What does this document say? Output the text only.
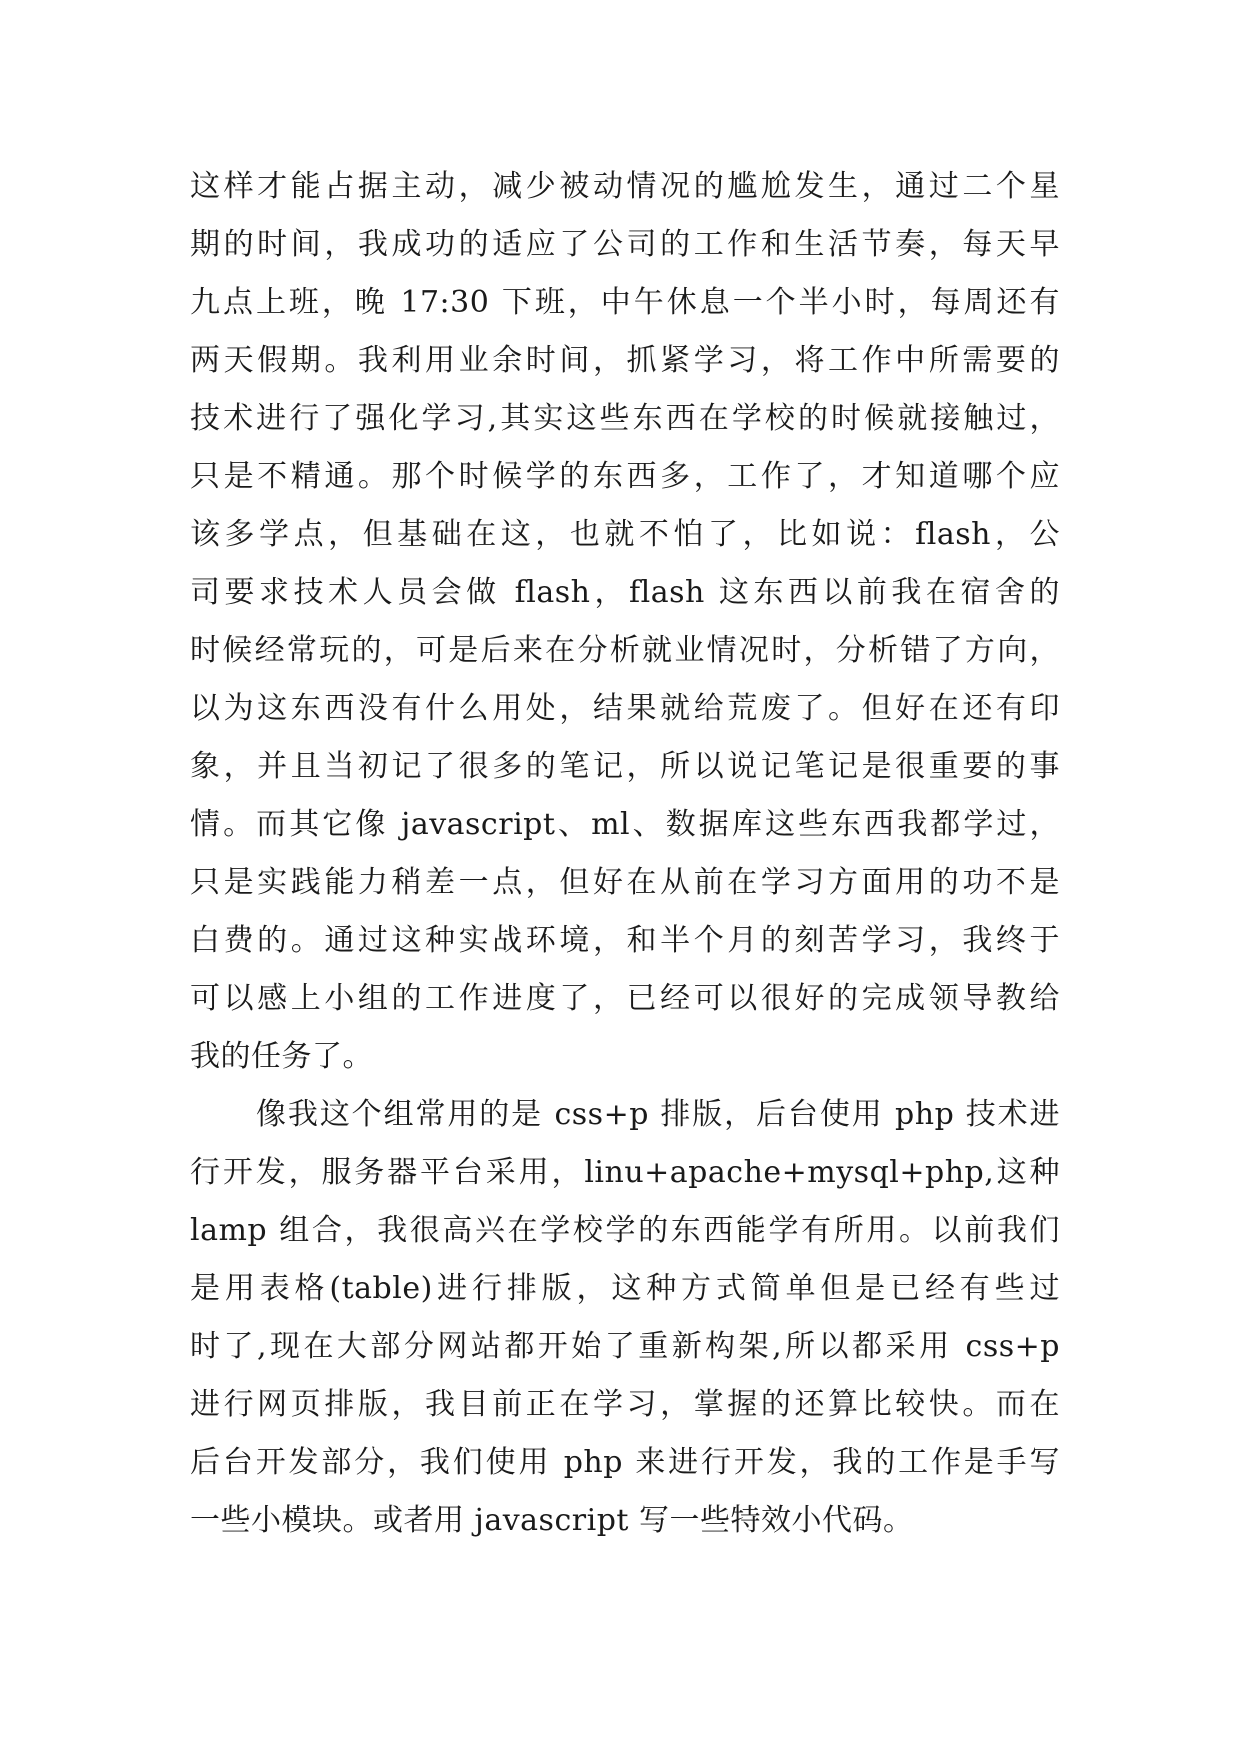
这样才能占据主动，减少被动情况的尴尬发生，通过二个星
期的时间，我成功的适应了公司的工作和生活节奏，每天早
九点上班，晚 17:30 下班，中午休息一个半小时，每周还有
两天假期。我利用业余时间，抓紧学习，将工作中所需要的
技术进行了强化学习,其实这些东西在学校的时候就接触过，
只是不精通。那个时候学的东西多，工作了，才知道哪个应
该多学点，但基础在这，也就不怕了，比如说：flash，公
司要求技术人员会做 flash，flash 这东西以前我在宿舍的
时候经常玩的，可是后来在分析就业情况时，分析错了方向，
以为这东西没有什么用处，结果就给荒废了。但好在还有印
象，并且当初记了很多的笔记，所以说记笔记是很重要的事
情。而其它像 javascript、ml、数据库这些东西我都学过，
只是实践能力稍差一点，但好在从前在学习方面用的功不是
白费的。通过这种实战环境，和半个月的刻苦学习，我终于
可以感上小组的工作进度了，已经可以很好的完成领导教给
我的任务了。
像我这个组常用的是 css+p 排版，后台使用 php 技术进
行开发，服务器平台采用，linu+apache+mysql+php,这种
lamp 组合，我很高兴在学校学的东西能学有所用。以前我们
是用表格(table)进行排版，这种方式简单但是已经有些过
时了,现在大部分网站都开始了重新构架,所以都采用 css+p
进行网页排版，我目前正在学习，掌握的还算比较快。而在
后台开发部分，我们使用 php 来进行开发，我的工作是手写
一些小模块。或者用 javascript 写一些特效小代码。
